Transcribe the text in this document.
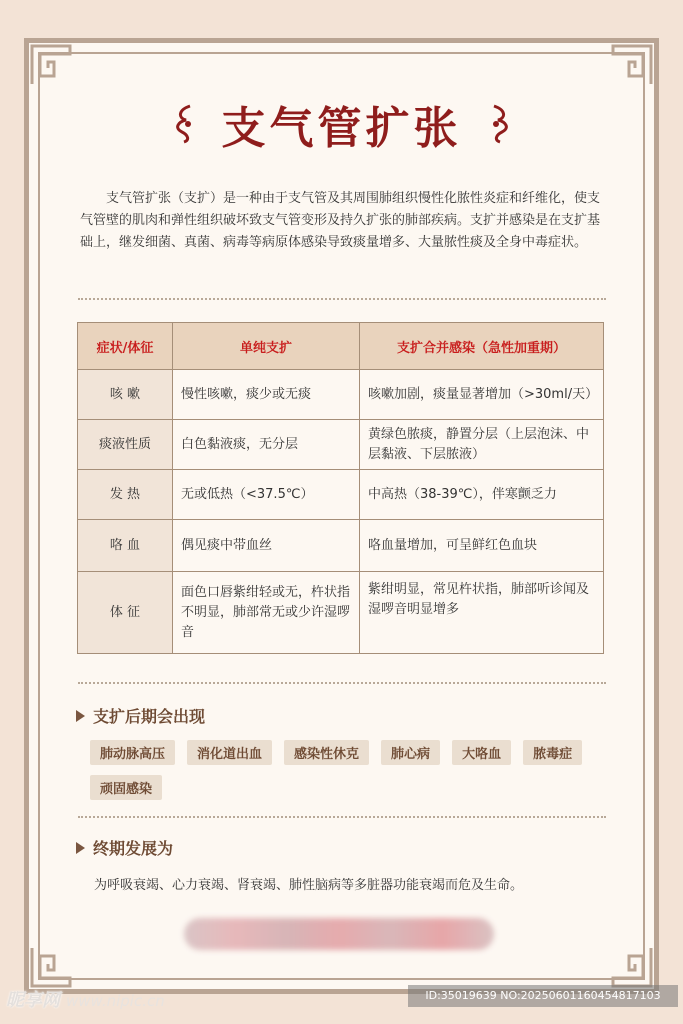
支气管扩张
支气管扩张（支扩）是一种由于支气管及其周围肺组织慢性化脓性炎症和纤维化，使支气管壁的肌肉和弹性组织破坏致支气管变形及持久扩张的肺部疾病。支扩并感染是在支扩基础上，继发细菌、真菌、病毒等病原体感染导致痰量增多、大量脓性痰及全身中毒症状。
症状/体征	单纯支扩	支扩合并感染（急性加重期）
咳 嗽	慢性咳嗽，痰少或无痰	咳嗽加剧，痰量显著增加（>30ml/天）
痰液性质	白色黏液痰，无分层	黄绿色脓痰，静置分层（上层泡沫、中层黏液、下层脓液）
发 热	无或低热（<37.5℃）	中高热（38-39℃），伴寒颤乏力
咯 血	偶见痰中带血丝	咯血量增加，可呈鲜红色血块
体 征	面色口唇紫绀轻或无，杵状指不明显，肺部常无或少许湿啰音	紫绀明显，常见杵状指，肺部听诊闻及湿啰音明显增多
支扩后期会出现
肺动脉高压	消化道出血	感染性休克	肺心病	大咯血	脓毒症
顽固感染
终期发展为
为呼吸衰竭、心力衰竭、肾衰竭、肺性脑病等多脏器功能衰竭而危及生命。
昵享网 www.nipic.cn	ID:35019639 NO:20250601160454817103
